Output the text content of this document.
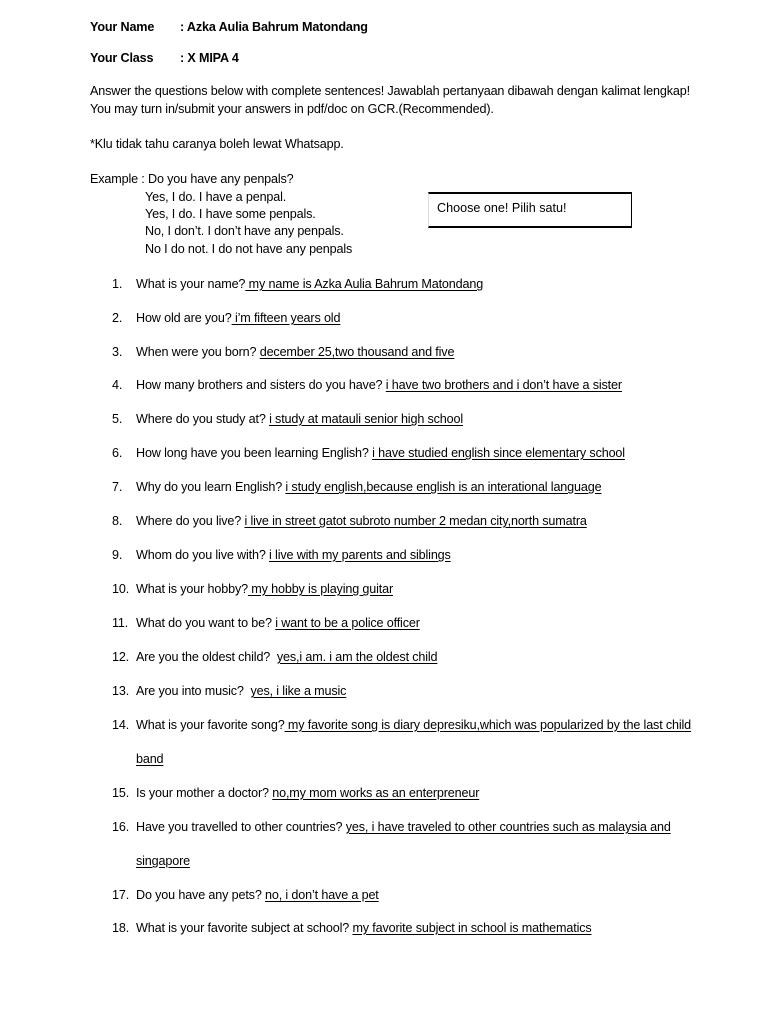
Your Name : Azka Aulia Bahrum Matondang
Your Class : X MIPA 4
Answer the questions below with complete sentences! Jawablah pertanyaan dibawah dengan kalimat lengkap!
You may turn in/submit your answers in pdf/doc on GCR.(Recommended).
*Klu tidak tahu caranya boleh lewat Whatsapp.
Example : Do you have any penpals?
Yes, I do. I have a penpal.
Yes, I do. I have some penpals.
No, I don’t. I don’t have any penpals.
No I do not. I do not have any penpals
Choose one! Pilih satu!
1. What is your name? my name is Azka Aulia Bahrum Matondang
2. How old are you? i’m fifteen years old
3. When were you born? december 25,two thousand and five
4. How many brothers and sisters do you have? i have two brothers and i don’t have a sister
5. Where do you study at? i study at matauli senior high school
6. How long have you been learning English? i have studied english since elementary school
7. Why do you learn English? i study english,because english is an interational language
8. Where do you live? i live in street gatot subroto number 2 medan city,north sumatra
9. Whom do you live with? i live with my parents and siblings
10. What is your hobby? my hobby is playing guitar
11. What do you want to be? i want to be a police officer
12. Are you the oldest child?  yes,i am. i am the oldest child
13. Are you into music?  yes, i like a music
14. What is your favorite song? my favorite song is diary depresiku,which was popularized by the last child
band
15. Is your mother a doctor? no,my mom works as an enterpreneur
16. Have you travelled to other countries? yes, i have traveled to other countries such as malaysia and
singapore
17. Do you have any pets? no, i don’t have a pet
18. What is your favorite subject at school? my favorite subject in school is mathematics
